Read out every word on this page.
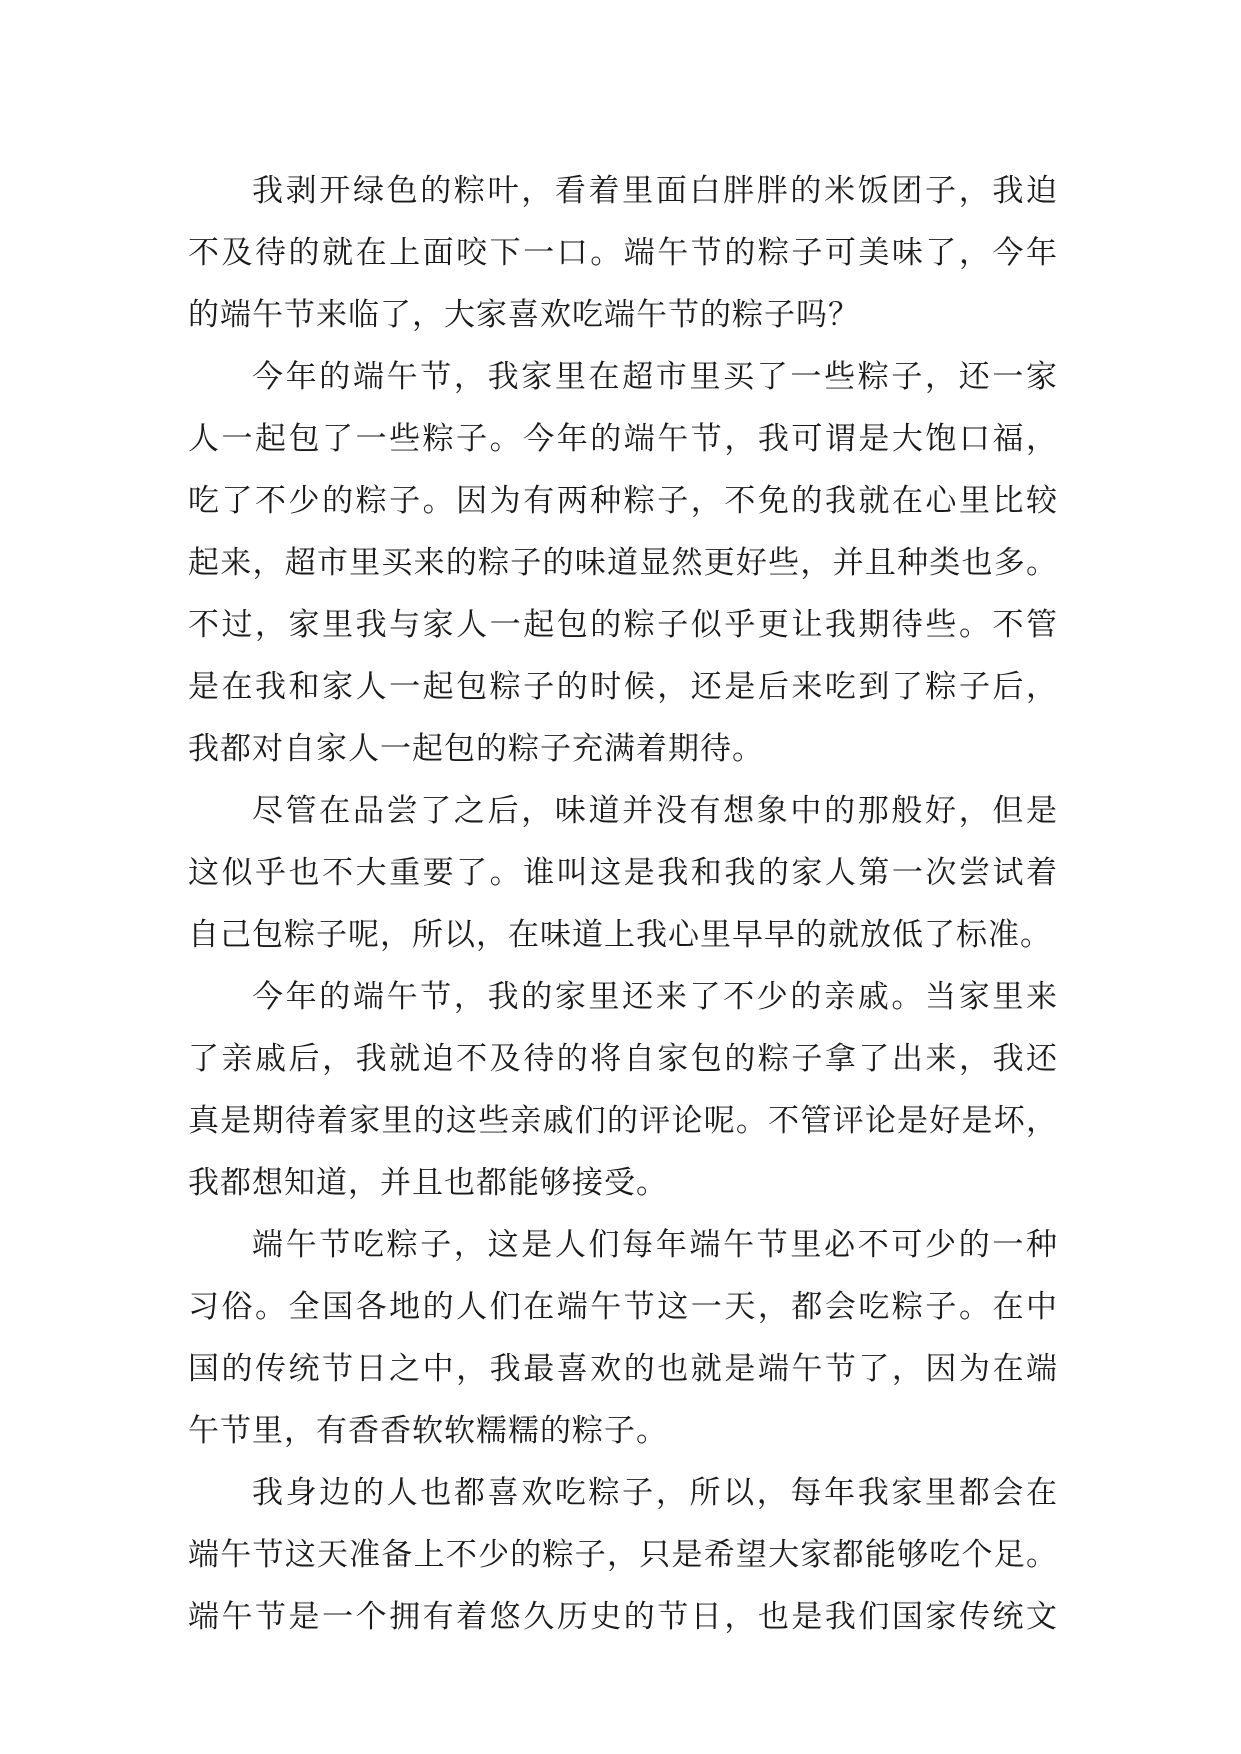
我剥开绿色的粽叶，看着里面白胖胖的米饭团子，我迫
不及待的就在上面咬下一口。端午节的粽子可美味了，今年
的端午节来临了，大家喜欢吃端午节的粽子吗？
今年的端午节，我家里在超市里买了一些粽子，还一家
人一起包了一些粽子。今年的端午节，我可谓是大饱口福，
吃了不少的粽子。因为有两种粽子，不免的我就在心里比较
起来，超市里买来的粽子的味道显然更好些，并且种类也多。
不过，家里我与家人一起包的粽子似乎更让我期待些。不管
是在我和家人一起包粽子的时候，还是后来吃到了粽子后，
我都对自家人一起包的粽子充满着期待。
尽管在品尝了之后，味道并没有想象中的那般好，但是
这似乎也不大重要了。谁叫这是我和我的家人第一次尝试着
自己包粽子呢，所以，在味道上我心里早早的就放低了标准。
今年的端午节，我的家里还来了不少的亲戚。当家里来
了亲戚后，我就迫不及待的将自家包的粽子拿了出来，我还
真是期待着家里的这些亲戚们的评论呢。不管评论是好是坏，
我都想知道，并且也都能够接受。
端午节吃粽子，这是人们每年端午节里必不可少的一种
习俗。全国各地的人们在端午节这一天，都会吃粽子。在中
国的传统节日之中，我最喜欢的也就是端午节了，因为在端
午节里，有香香软软糯糯的粽子。
我身边的人也都喜欢吃粽子，所以，每年我家里都会在
端午节这天准备上不少的粽子，只是希望大家都能够吃个足。
端午节是一个拥有着悠久历史的节日，也是我们国家传统文
